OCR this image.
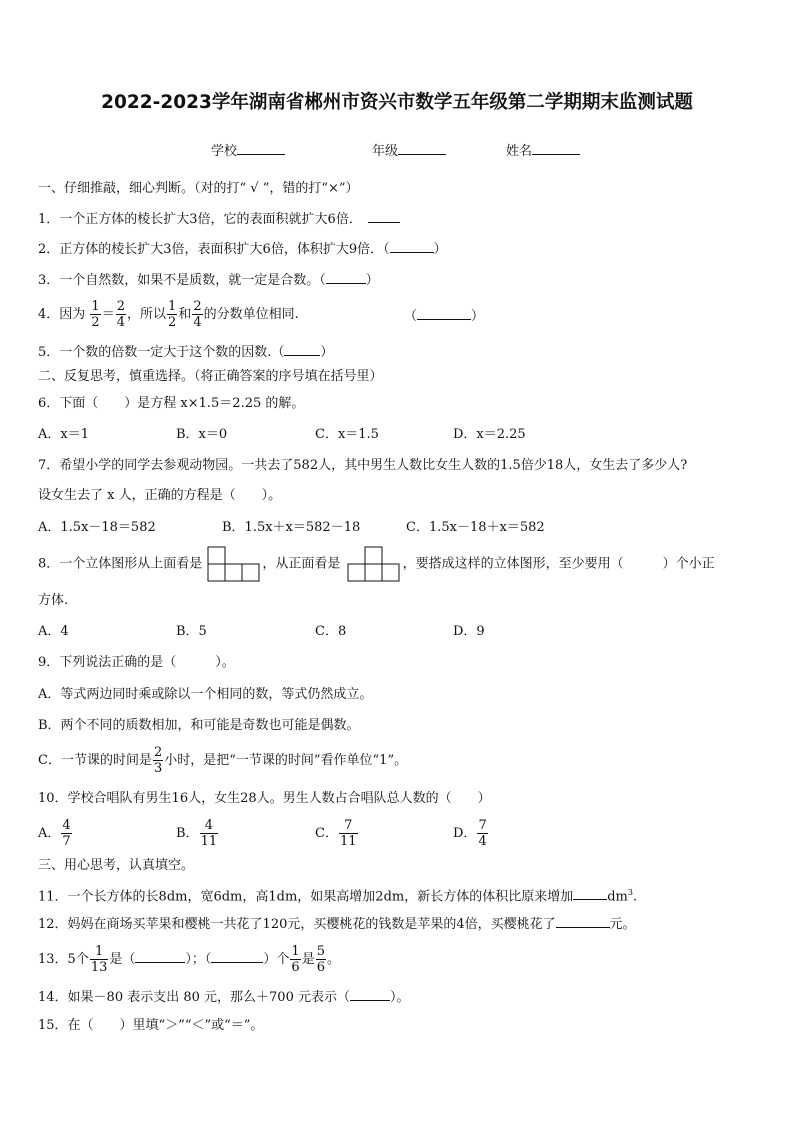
2022-2023学年湖南省郴州市资兴市数学五年级第二学期期末监测试题
学校	年级	姓名
一、仔细推敲，细心判断。（对的打“ √ ”，错的打“×”）
1．一个正方体的棱长扩大3倍，它的表面积就扩大6倍．
2．正方体的棱长扩大3倍，表面积扩大6倍，体积扩大9倍．（	）
3．一个自然数，如果不是质数，就一定是合数。（	）
4．因为 $\frac{1}{2} = \frac{2}{4}$ ，所以 $\frac{1}{2}$ 和 $\frac{2}{4}$ 的分数单位相同.	（	）
5．一个数的倍数一定大于这个数的因数.（	）
二、反复思考，慎重选择。（将正确答案的序号填在括号里）
6．下面（　　）是方程 x×1.5＝2.25 的解。
A．x＝1	B．x＝0	C．x＝1.5	D．x＝2.25
7．希望小学的同学去参观动物园。一共去了582人，其中男生人数比女生人数的1.5倍少18人，女生去了多少人?
设女生去了 x 人，正确的方程是（　　）。
A．1.5x－18＝582	B．1.5x＋x＝582－18	C．1.5x－18＋x＝582
8．一个立体图形从上面看是	，从正面看是	，要搭成这样的立体图形，至少要用（　　　）个小正
方体.
A．4	B．5	C．8	D．9
9．下列说法正确的是（　　　）。
A．等式两边同时乘或除以一个相同的数，等式仍然成立。
B．两个不同的质数相加，和可能是奇数也可能是偶数。
C．一节课的时间是 $\frac{2}{3}$ 小时，是把“一节课的时间”看作单位“1”。
10．学校合唱队有男生16人，女生28人。男生人数占合唱队总人数的（　　）
A． $\frac{4}{7}$	B． $\frac{4}{11}$	C． $\frac{7}{11}$	D． $\frac{7}{4}$
三、用心思考，认真填空。
11．一个长方体的长8dm，宽6dm，高1dm，如果高增加2dm，新长方体的体积比原来增加	$dm^3$.
12．妈妈在商场买苹果和樱桃一共花了120元，买樱桃花的钱数是苹果的4倍，买樱桃花了	元。
13．5个 $\frac{1}{13}$ 是（	）；（	）个 $\frac{1}{6}$ 是 $\frac{5}{6}$ 。
14．如果－80 表示支出 80 元，那么＋700 元表示（	）。
15．在（　　）里填“＞”“＜”或“＝”。
